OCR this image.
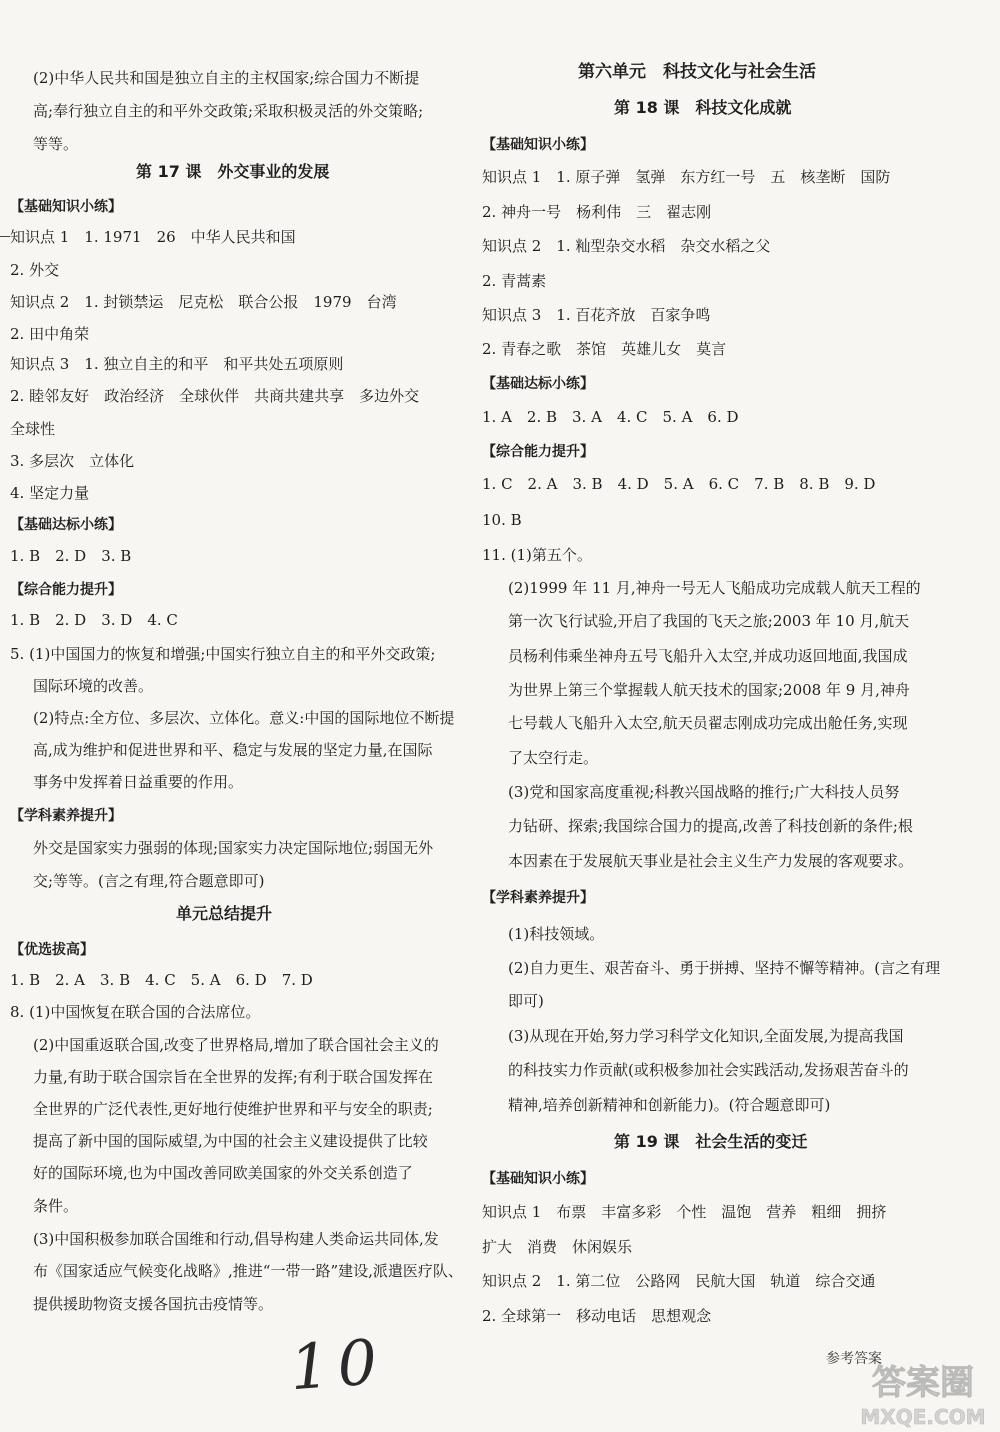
(2)中华人民共和国是独立自主的主权国家;综合国力不断提
高;奉行独立自主的和平外交政策;采取积极灵活的外交策略;
等等。
第 17 课　外交事业的发展
【基础知识小练】
知识点 1　1. 1971　26　中华人民共和国
2. 外交
知识点 2　1. 封锁禁运　尼克松　联合公报　1979　台湾
2. 田中角荣
知识点 3　1. 独立自主的和平　和平共处五项原则
2. 睦邻友好　政治经济　全球伙伴　共商共建共享　多边外交
全球性
3. 多层次　立体化
4. 坚定力量
【基础达标小练】
1. B　2. D　3. B
【综合能力提升】
1. B　2. D　3. D　4. C
5. (1)中国国力的恢复和增强;中国实行独立自主的和平外交政策;
国际环境的改善。
(2)特点:全方位、多层次、立体化。意义:中国的国际地位不断提
高,成为维护和促进世界和平、稳定与发展的坚定力量,在国际
事务中发挥着日益重要的作用。
【学科素养提升】
外交是国家实力强弱的体现;国家实力决定国际地位;弱国无外
交;等等。(言之有理,符合题意即可)
单元总结提升
【优选拔高】
1. B　2. A　3. B　4. C　5. A　6. D　7. D
8. (1)中国恢复在联合国的合法席位。
(2)中国重返联合国,改变了世界格局,增加了联合国社会主义的
力量,有助于联合国宗旨在全世界的发挥;有利于联合国发挥在
全世界的广泛代表性,更好地行使维护世界和平与安全的职责;
提高了新中国的国际威望,为中国的社会主义建设提供了比较
好的国际环境,也为中国改善同欧美国家的外交关系创造了
条件。
(3)中国积极参加联合国维和行动,倡导构建人类命运共同体,发
布《国家适应气候变化战略》,推进“一带一路”建设,派遣医疗队、
提供援助物资支援各国抗击疫情等。
第六单元　科技文化与社会生活
第 18 课　科技文化成就
【基础知识小练】
知识点 1　1. 原子弹　氢弹　东方红一号　五　核垄断　国防
2. 神舟一号　杨利伟　三　翟志刚
知识点 2　1. 籼型杂交水稻　杂交水稻之父
2. 青蒿素
知识点 3　1. 百花齐放　百家争鸣
2. 青春之歌　茶馆　英雄儿女　莫言
【基础达标小练】
1. A　2. B　3. A　4. C　5. A　6. D
【综合能力提升】
1. C　2. A　3. B　4. D　5. A　6. C　7. B　8. B　9. D
10. B
11. (1)第五个。
(2)1999 年 11 月,神舟一号无人飞船成功完成载人航天工程的
第一次飞行试验,开启了我国的飞天之旅;2003 年 10 月,航天
员杨利伟乘坐神舟五号飞船升入太空,并成功返回地面,我国成
为世界上第三个掌握载人航天技术的国家;2008 年 9 月,神舟
七号载人飞船升入太空,航天员翟志刚成功完成出舱任务,实现
了太空行走。
(3)党和国家高度重视;科教兴国战略的推行;广大科技人员努
力钻研、探索;我国综合国力的提高,改善了科技创新的条件;根
本因素在于发展航天事业是社会主义生产力发展的客观要求。
【学科素养提升】
(1)科技领域。
(2)自力更生、艰苦奋斗、勇于拼搏、坚持不懈等精神。(言之有理
即可)
(3)从现在开始,努力学习科学文化知识,全面发展,为提高我国
的科技实力作贡献(或积极参加社会实践活动,发扬艰苦奋斗的
精神,培养创新精神和创新能力)。(符合题意即可)
第 19 课　社会生活的变迁
【基础知识小练】
知识点 1　布票　丰富多彩　个性　温饱　营养　粗细　拥挤
扩大　消费　休闲娱乐
知识点 2　1. 第二位　公路网　民航大国　轨道　综合交通
2. 全球第一　移动电话　思想观念
10	参考答案
答案圈
MXQE.COM
